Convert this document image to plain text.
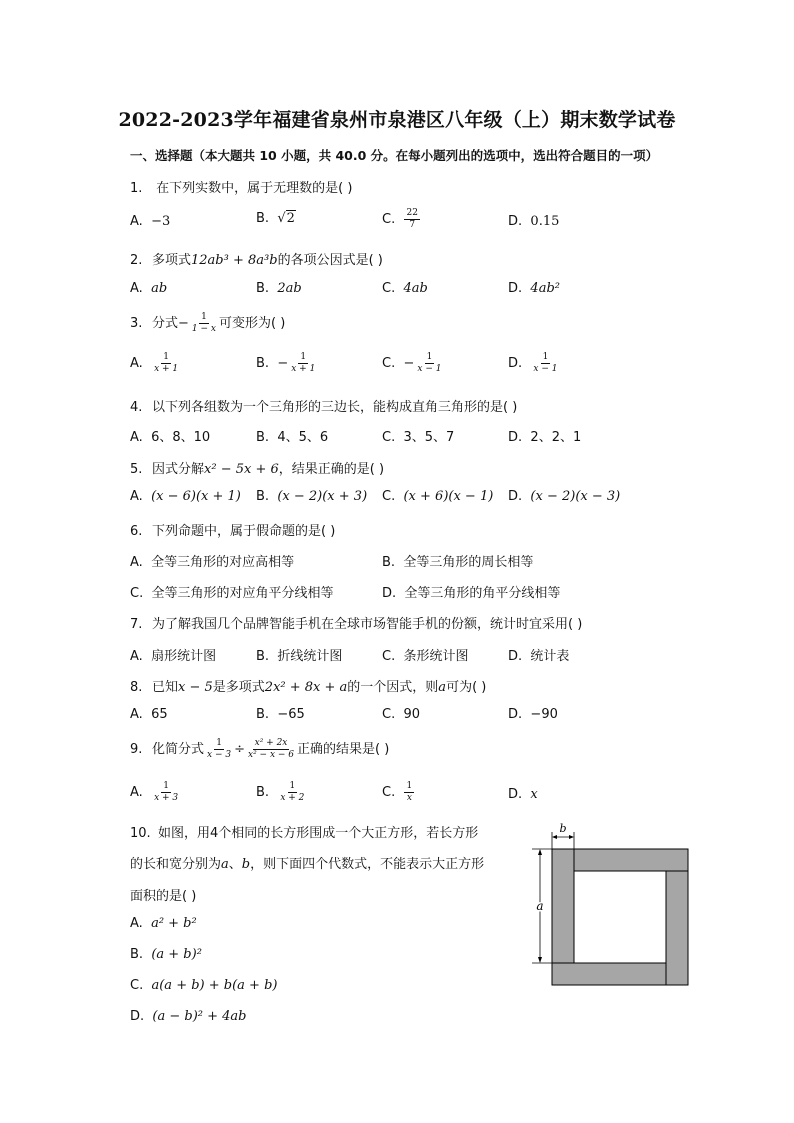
2022-2023学年福建省泉州市泉港区八年级（上）期末数学试卷
一、选择题（本大题共 10 小题，共 40.0 分。在每小题列出的选项中，选出符合题目的一项）
1. 在下列实数中，属于无理数的是( )
A. −3	B. √2	C. $\frac{22}{7}$	D. 0.15
2. 多项式12ab³ + 8a³b的各项公因式是( )
A. ab	B. 2ab	C. 4ab	D. 4ab²
3. 分式− $\frac{1}{1 - x}$ 可变形为( )
A. $\frac{1}{x + 1}$	B. − $\frac{1}{x + 1}$	C. − $\frac{1}{x - 1}$	D. $\frac{1}{x - 1}$
4. 以下列各组数为一个三角形的三边长，能构成直角三角形的是( )
A. 6、8、10	B. 4、5、6	C. 3、5、7	D. 2、2、1
5. 因式分解x² − 5x + 6，结果正确的是( )
A. (x − 6)(x + 1) B. (x − 2)(x + 3) C. (x + 6)(x − 1) D. (x − 2)(x − 3)
6. 下列命题中，属于假命题的是( )
A. 全等三角形的对应高相等	B. 全等三角形的周长相等
C. 全等三角形的对应角平分线相等	D. 全等三角形的角平分线相等
7. 为了解我国几个品牌智能手机在全球市场智能手机的份额，统计时宜采用( )
A. 扇形统计图	B. 折线统计图	C. 条形统计图	D. 统计表
8. 已知x − 5是多项式2x² + 8x + a的一个因式，则a可为( )
A. 65	B. −65	C. 90	D. −90
9. 化简分式 $\frac{1}{x - 3} \div \frac{\text{x² + 2x}}{\text{x² − x − 6}}$ 正确的结果是( )
A. $\frac{1}{x + 3}$	B. $\frac{1}{x + 2}$	C. $\frac{1}{x}$	D. x
10. 如图，用4个相同的长方形围成一个大正方形，若长方形
的长和宽分别为a、b，则下面四个代数式，不能表示大正方形
面积的是( )
A. a² + b²
B. (a + b)²
C. a(a + b) + b(a + b)
D. (a − b)² + 4ab
b
a
